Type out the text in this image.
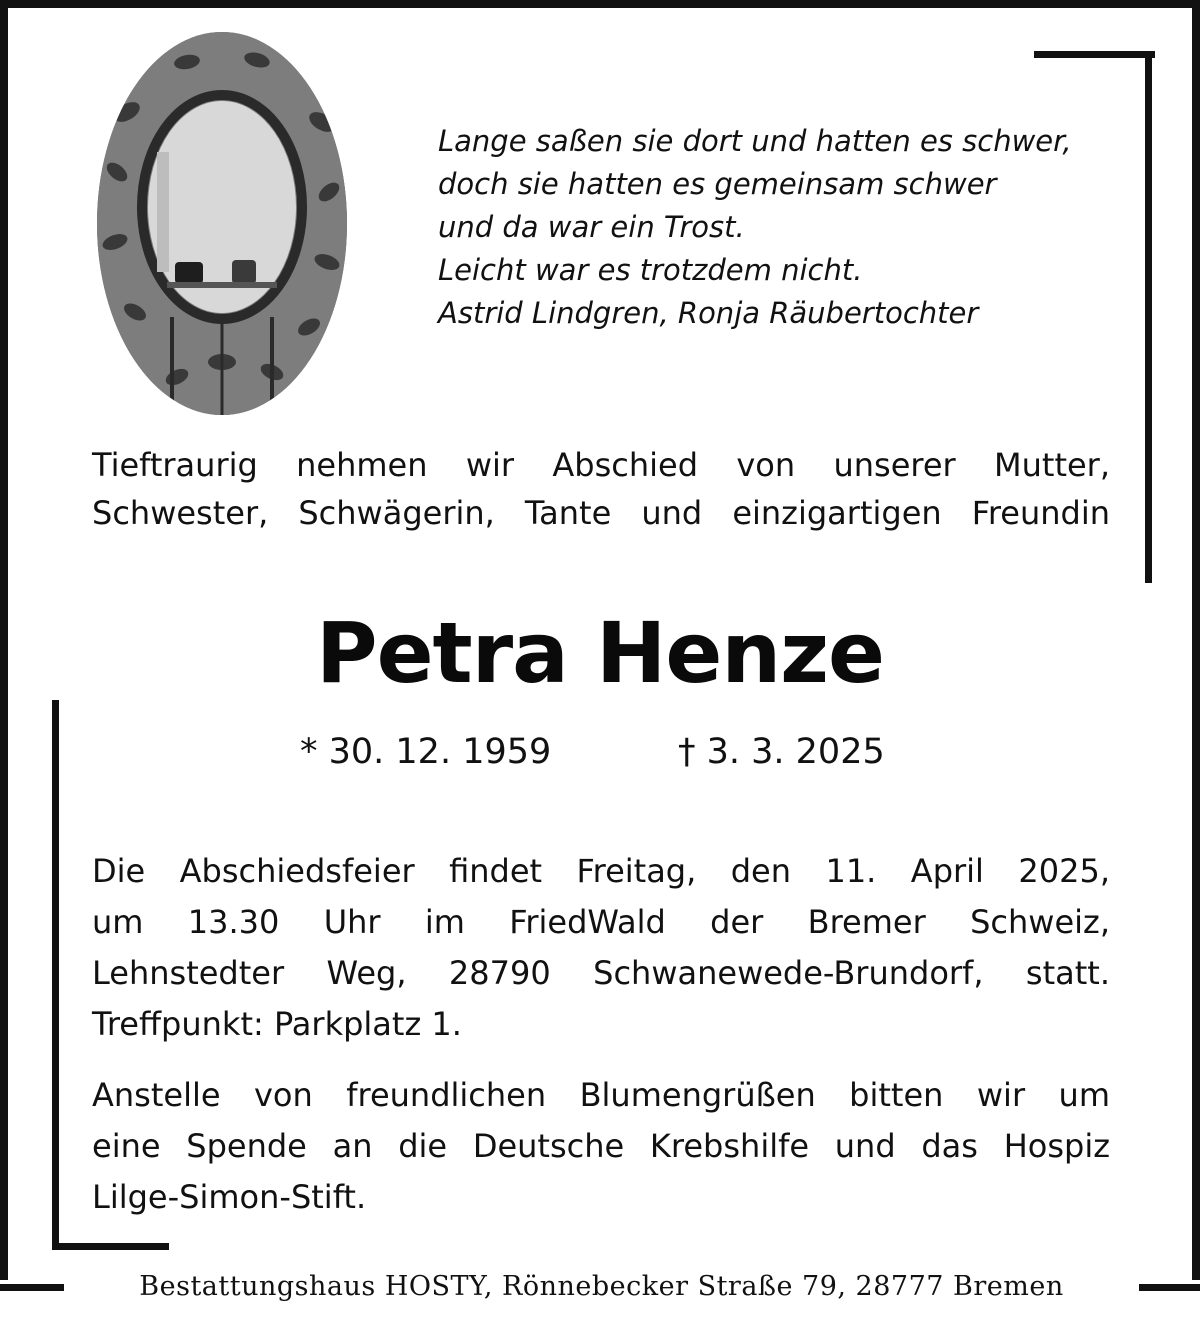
Lange saßen sie dort und hatten es schwer,
doch sie hatten es gemeinsam schwer
und da war ein Trost.
Leicht war es trotzdem nicht.
Astrid Lindgren, Ronja Räubertochter
Tieftraurig nehmen wir Abschied von unserer Mutter,
Schwester, Schwägerin, Tante und einzigartigen Freundin
Petra Henze
* 30. 12. 1959	† 3. 3. 2025
Die Abschiedsfeier findet Freitag, den 11. April 2025,
um 13.30 Uhr im FriedWald der Bremer Schweiz,
Lehnstedter Weg, 28790 Schwanewede-Brundorf, statt.
Treffpunkt: Parkplatz 1.
Anstelle von freundlichen Blumengrüßen bitten wir um
eine Spende an die Deutsche Krebshilfe und das Hospiz
Lilge-Simon-Stift.
Bestattungshaus HOSTY, Rönnebecker Straße 79, 28777 Bremen
